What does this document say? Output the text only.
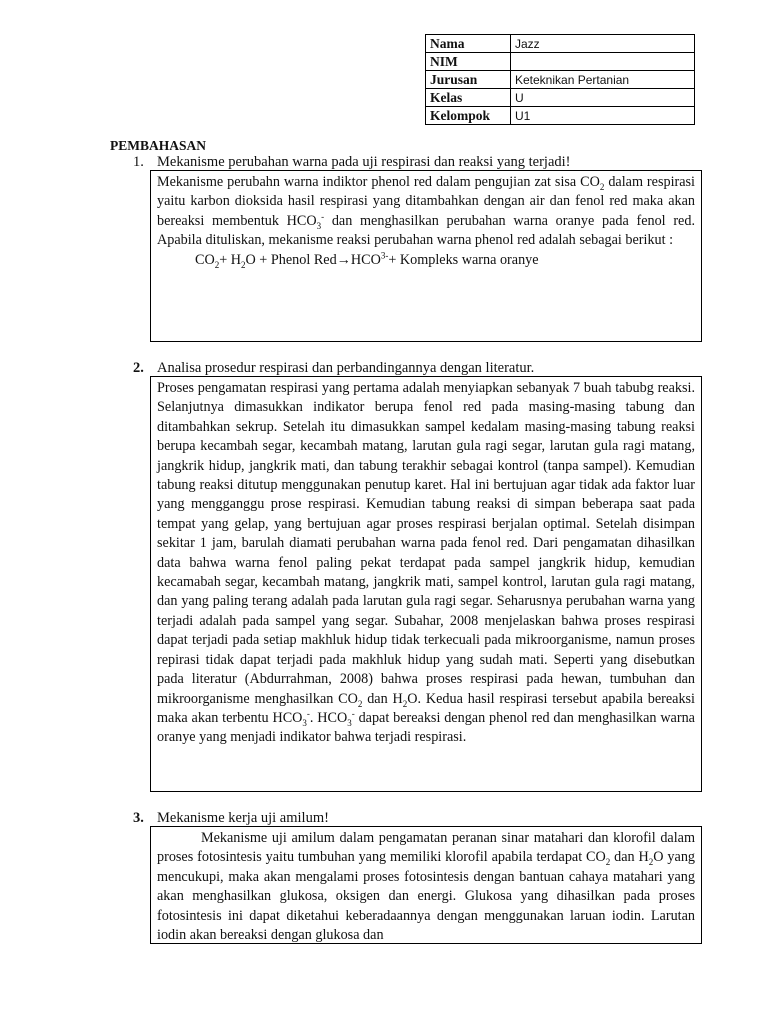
Nama	Jazz
NIM	
Jurusan	Keteknikan Pertanian
Kelas	U
Kelompok	U1
PEMBAHASAN
1. Mekanisme perubahan warna pada uji respirasi dan reaksi yang terjadi!

Mekanisme perubahn warna indiktor phenol red dalam pengujian zat sisa $CO_2$ dalam respirasi yaitu karbon dioksida hasil respirasi yang ditambahkan dengan air dan fenol red maka akan bereaksi membentuk $HCO_3^-$ dan menghasilkan perubahan warna oranye pada fenol red. Apabila dituliskan, mekanisme reaksi perubahan warna phenol red adalah sebagai berikut :

$CO_2+ H_2O$ + Phenol $Red\to HCO^{3-}+$ Kompleks warna oranye

2. Analisa prosedur respirasi dan perbandingannya dengan literatur.

Proses pengamatan respirasi yang pertama adalah menyiapkan sebanyak 7 buah tabubg reaksi. Selanjutnya dimasukkan indikator berupa fenol red pada masing-masing tabung dan ditambahkan sekrup. Setelah itu dimasukkan sampel kedalam masing-masing tabung reaksi berupa kecambah segar, kecambah matang, larutan gula ragi segar, larutan gula ragi matang, jangkrik hidup, jangkrik mati, dan tabung terakhir sebagai kontrol (tanpa sampel). Kemudian tabung reaksi ditutup menggunakan penutup karet. Hal ini bertujuan agar tidak ada faktor luar yang mengganggu prose respirasi. Kemudian tabung reaksi di simpan beberapa saat pada tempat yang gelap, yang bertujuan agar proses respirasi berjalan optimal. Setelah disimpan sekitar 1 jam, barulah diamati perubahan warna pada fenol red. Dari pengamatan dihasilkan data bahwa warna fenol paling pekat terdapat pada sampel jangkrik hidup, kemudian kecamabah segar, kecambah matang, jangkrik mati, sampel kontrol, larutan gula ragi matang, dan yang paling terang adalah pada larutan gula ragi segar. Seharusnya perubahan warna yang terjadi adalah pada sampel yang segar. Subahar, 2008 menjelaskan bahwa proses respirasi dapat terjadi pada setiap makhluk hidup tidak terkecuali pada mikroorganisme, namun proses repirasi tidak dapat terjadi pada makhluk hidup yang sudah mati. Seperti yang disebutkan pada literatur (Abdurrahman, 2008) bahwa proses respirasi pada hewan, tumbuhan dan mikroorganisme menghasilkan $CO_2$ dan $H_2O$. Kedua hasil respirasi tersebut apabila bereaksi maka akan terbentu $HCO_3^-$. $HCO_3^-$ dapat bereaksi dengan phenol red dan menghasilkan warna oranye yang menjadi indikator bahwa terjadi respirasi.

3. Mekanisme kerja uji amilum!

Mekanisme uji amilum dalam pengamatan peranan sinar matahari dan klorofil dalam proses fotosintesis yaitu tumbuhan yang memiliki klorofil apabila terdapat $CO_2$ dan $H_2O$ yang mencukupi, maka akan mengalami proses fotosintesis dengan bantuan cahaya matahari yang akan menghasilkan glukosa, oksigen dan energi. Glukosa yang dihasilkan pada proses fotosintesis ini dapat diketahui keberadaannya dengan menggunakan laruan iodin. Larutan iodin akan bereaksi dengan glukosa dan
